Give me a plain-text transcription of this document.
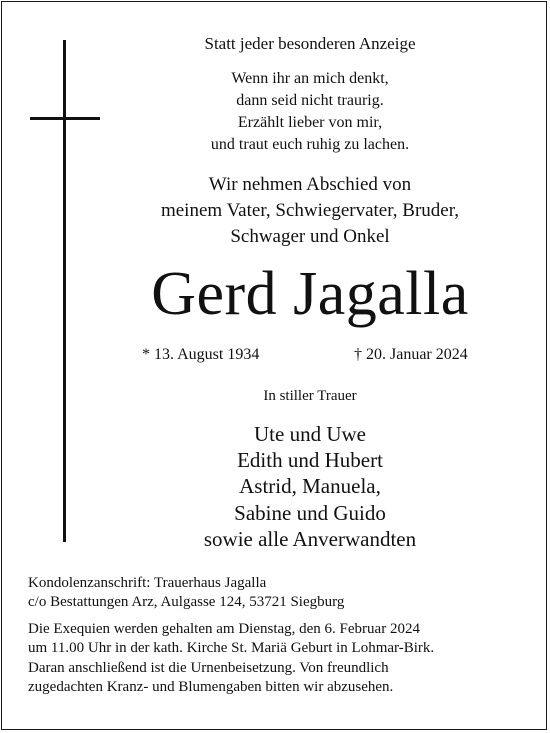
Statt jeder besonderen Anzeige
Wenn ihr an mich denkt,
dann seid nicht traurig.
Erzählt lieber von mir,
und traut euch ruhig zu lachen.
Wir nehmen Abschied von
meinem Vater, Schwiegervater, Bruder,
Schwager und Onkel
Gerd Jagalla
* 13. August 1934	† 20. Januar 2024
In stiller Trauer
Ute und Uwe
Edith und Hubert
Astrid, Manuela,
Sabine und Guido
sowie alle Anverwandten
Kondolenzanschrift: Trauerhaus Jagalla
c/o Bestattungen Arz, Aulgasse 124, 53721 Siegburg
Die Exequien werden gehalten am Dienstag, den 6. Februar 2024
um 11.00 Uhr in der kath. Kirche St. Mariä Geburt in Lohmar-Birk.
Daran anschließend ist die Urnenbeisetzung. Von freundlich
zugedachten Kranz- und Blumengaben bitten wir abzusehen.
